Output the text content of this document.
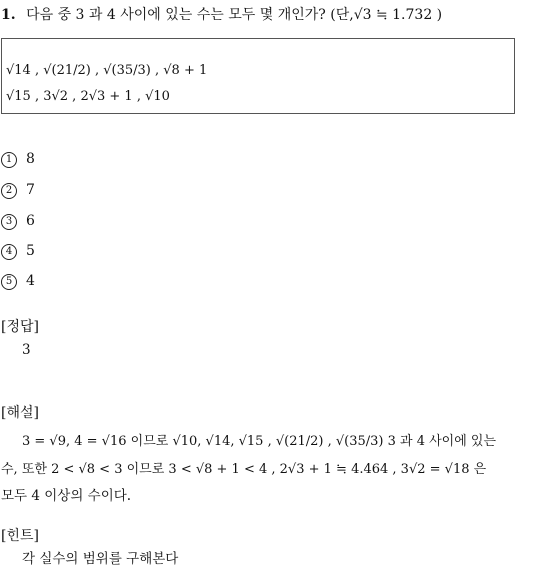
1. 다음 중 3 과 4 사이에 있는 수는 모두 몇 개인가? (단,√3 ≒ 1.732 )
√14 , √(21/2) , √(35/3) , √8 + 1
√15 , 3√2 , 2√3 + 1 , √10
1 8
2 7
3 6
4 5
5 4
[정답]
3
[해설]
3 = √9, 4 = √16 이므로 √10, √14, √15 , √(21/2) , √(35/3) 3 과 4 사이에 있는
수, 또한 2 < √8 < 3 이므로 3 < √8 + 1 < 4 , 2√3 + 1 ≒ 4.464 , 3√2 = √18 은
모두 4 이상의 수이다.
[힌트]
각 실수의 범위를 구해본다
